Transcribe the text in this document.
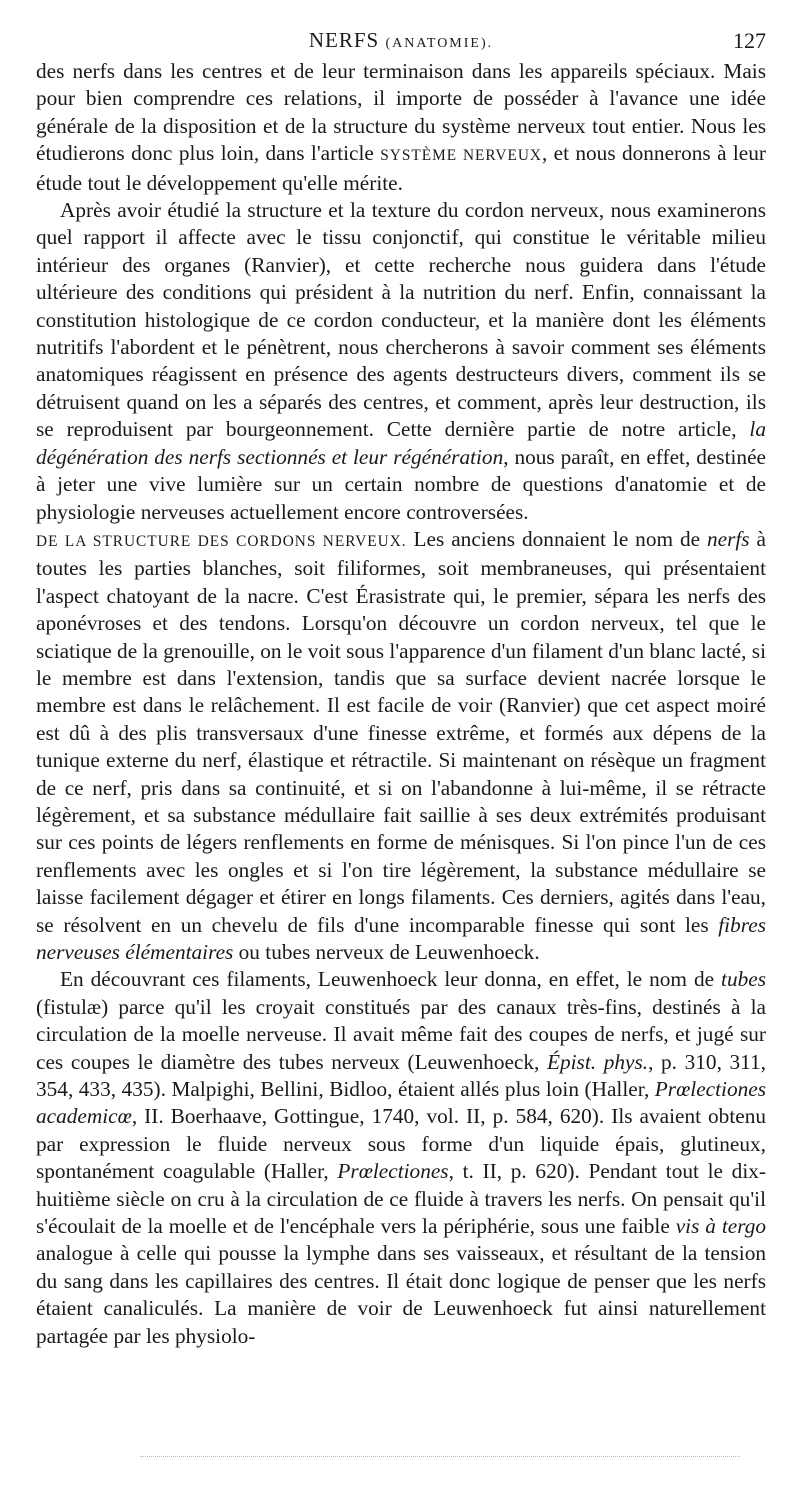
NERFS (ANATOMIE).	127

des nerfs dans les centres et de leur terminaison dans les appareils spéciaux. Mais pour bien comprendre ces relations, il importe de posséder à l'avance une idée générale de la disposition et de la structure du système nerveux tout entier. Nous les étudierons donc plus loin, dans l'article SYSTÈME NERVEUX, et nous donnerons à leur étude tout le développement qu'elle mérite.

Après avoir étudié la structure et la texture du cordon nerveux, nous examinerons quel rapport il affecte avec le tissu conjonctif, qui constitue le véritable milieu intérieur des organes (Ranvier), et cette recherche nous guidera dans l'étude ultérieure des conditions qui président à la nutrition du nerf. Enfin, connaissant la constitution histologique de ce cordon conducteur, et la manière dont les éléments nutritifs l'abordent et le pénètrent, nous chercherons à savoir comment ses éléments anatomiques réagissent en présence des agents destructeurs divers, comment ils se détruisent quand on les a séparés des centres, et comment, après leur destruction, ils se reproduisent par bourgeonnement. Cette dernière partie de notre article, la dégénération des nerfs sectionnés et leur régénération, nous paraît, en effet, destinée à jeter une vive lumière sur un certain nombre de questions d'anatomie et de physiologie nerveuses actuellement encore controversées.

DE LA STRUCTURE DES CORDONS NERVEUX. Les anciens donnaient le nom de nerfs à toutes les parties blanches, soit filiformes, soit membraneuses, qui présentaient l'aspect chatoyant de la nacre. C'est Érasistrate qui, le premier, sépara les nerfs des aponévroses et des tendons. Lorsqu'on découvre un cordon nerveux, tel que le sciatique de la grenouille, on le voit sous l'apparence d'un filament d'un blanc lacté, si le membre est dans l'extension, tandis que sa surface devient nacrée lorsque le membre est dans le relâchement. Il est facile de voir (Ranvier) que cet aspect moiré est dû à des plis transversaux d'une finesse extrême, et formés aux dépens de la tunique externe du nerf, élastique et rétractile. Si maintenant on résèque un fragment de ce nerf, pris dans sa continuité, et si on l'abandonne à lui-même, il se rétracte légèrement, et sa substance médullaire fait saillie à ses deux extrémités produisant sur ces points de légers renflements en forme de ménisques. Si l'on pince l'un de ces renflements avec les ongles et si l'on tire légèrement, la substance médullaire se laisse facilement dégager et étirer en longs filaments. Ces derniers, agités dans l'eau, se résolvent en un chevelu de fils d'une incomparable finesse qui sont les fibres nerveuses élémentaires ou tubes nerveux de Leuwenhoeck.

En découvrant ces filaments, Leuwenhoeck leur donna, en effet, le nom de tubes (fistulæ) parce qu'il les croyait constitués par des canaux très-fins, destinés à la circulation de la moelle nerveuse. Il avait même fait des coupes de nerfs, et jugé sur ces coupes le diamètre des tubes nerveux (Leuwenhoeck, Épist. phys., p. 310, 311, 354, 433, 435). Malpighi, Bellini, Bidloo, étaient allés plus loin (Haller, Prœlectiones academicœ, II. Boerhaave, Gottingue, 1740, vol. II, p. 584, 620). Ils avaient obtenu par expression le fluide nerveux sous forme d'un liquide épais, glutineux, spontanément coagulable (Haller, Prœlectiones, t. II, p. 620). Pendant tout le dix-huitième siècle on cru à la circulation de ce fluide à travers les nerfs. On pensait qu'il s'écoulait de la moelle et de l'encéphale vers la périphérie, sous une faible vis à tergo analogue à celle qui pousse la lymphe dans ses vaisseaux, et résultant de la tension du sang dans les capillaires des centres. Il était donc logique de penser que les nerfs étaient canaliculés. La manière de voir de Leuwenhoeck fut ainsi naturellement partagée par les physiolo-
